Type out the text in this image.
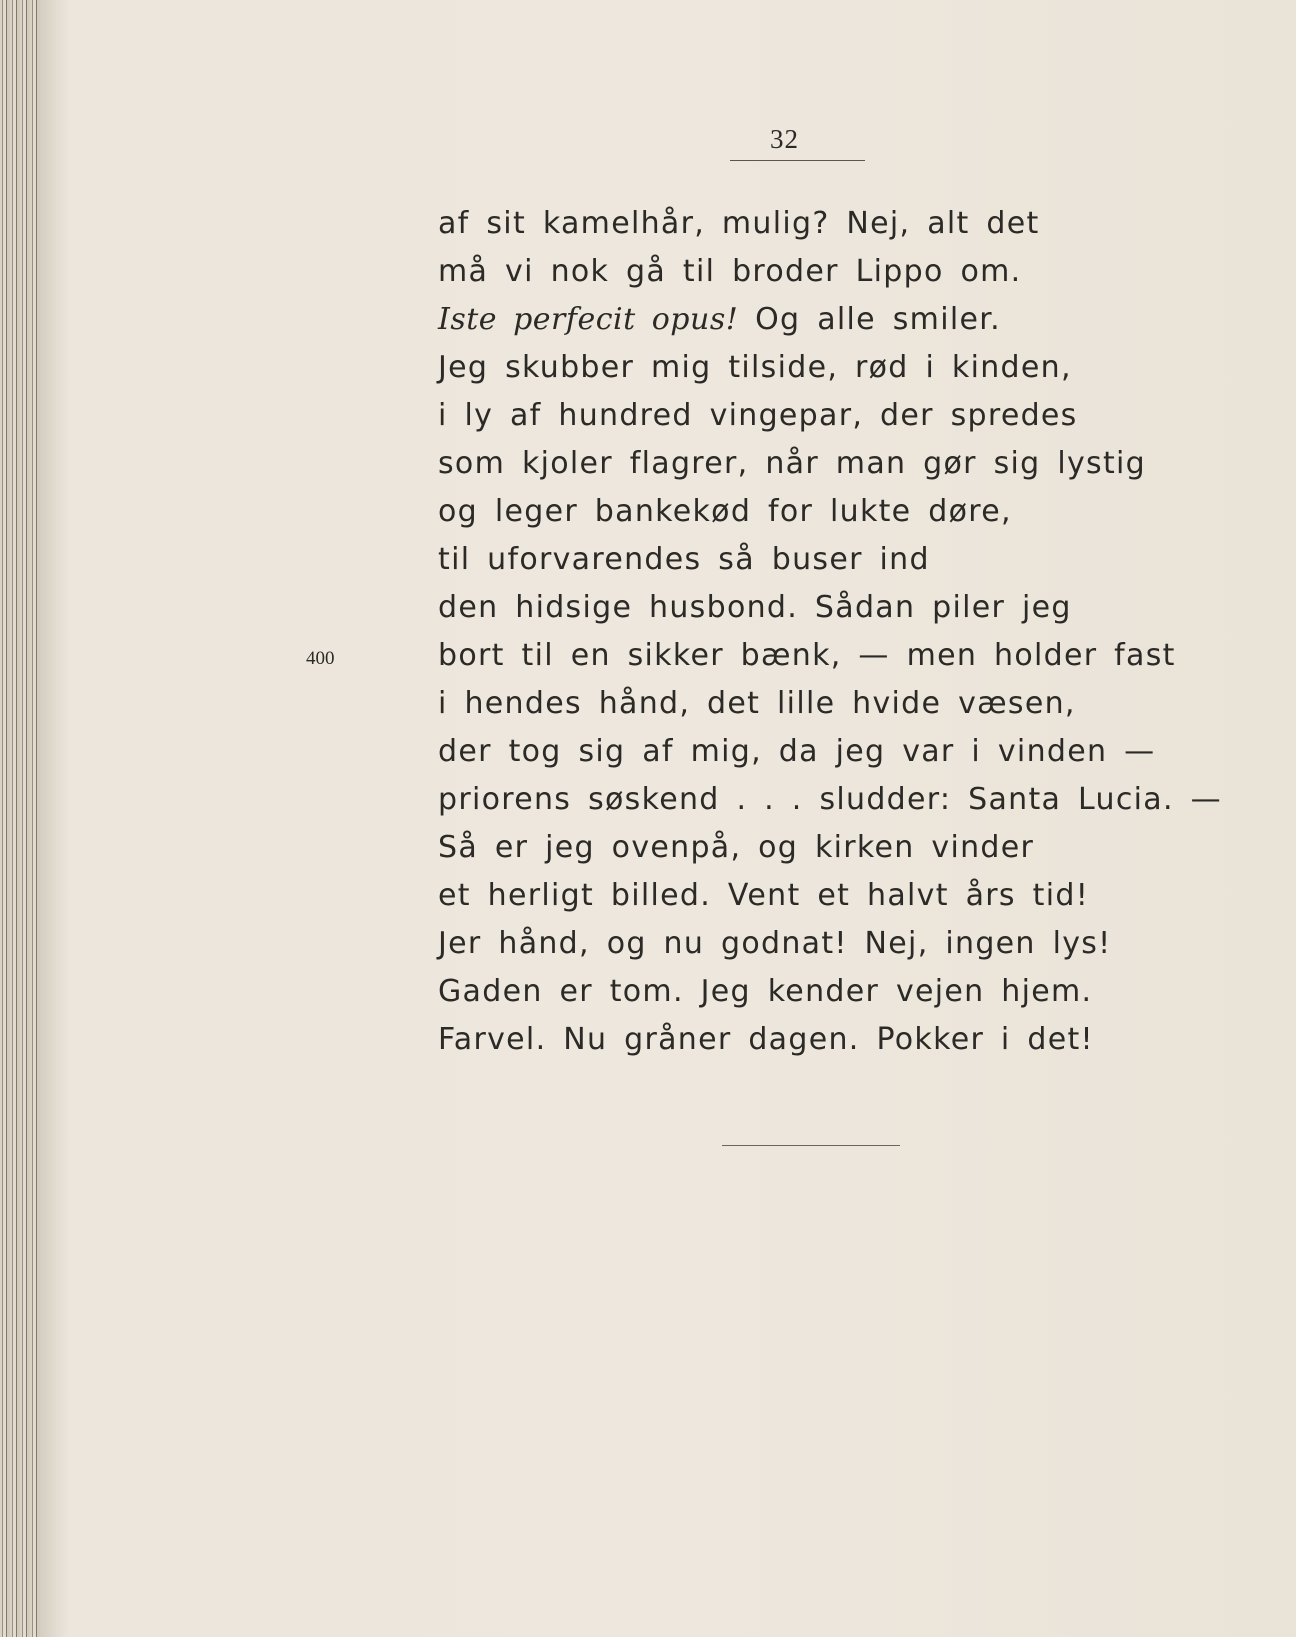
32
400
af sit kamelhår, mulig? Nej, alt det
må vi nok gå til broder Lippo om.
Iste perfecit opus! Og alle smiler.
Jeg skubber mig tilside, rød i kinden,
i ly af hundred vingepar, der spredes
som kjoler flagrer, når man gør sig lystig
og leger bankekød for lukte døre,
til uforvarendes så buser ind
den hidsige husbond. Sådan piler jeg
bort til en sikker bænk, — men holder fast
i hendes hånd, det lille hvide væsen,
der tog sig af mig, da jeg var i vinden —
priorens søskend . . . sludder: Santa Lucia. —
Så er jeg ovenpå, og kirken vinder
et herligt billed. Vent et halvt års tid!
Jer hånd, og nu godnat! Nej, ingen lys!
Gaden er tom. Jeg kender vejen hjem.
Farvel. Nu gråner dagen. Pokker i det!
